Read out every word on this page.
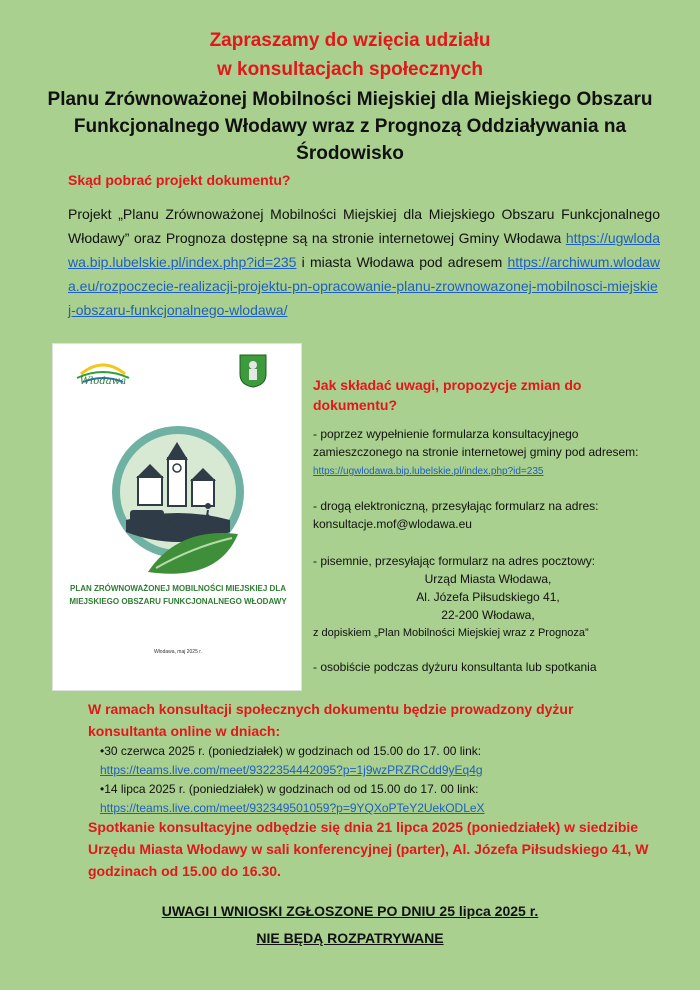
Zapraszamy do wzięcia udziału
w konsultacjach społecznych
Planu Zrównoważonej Mobilności Miejskiej dla Miejskiego Obszaru Funkcjonalnego Włodawy wraz z Prognozą Oddziaływania na Środowisko
Skąd pobrać projekt dokumentu?
Projekt „Planu Zrównoważonej Mobilności Miejskiej dla Miejskiego Obszaru Funkcjonalnego Włodawy” oraz Prognoza dostępne są na stronie internetowej Gminy Włodawa https://ugwlodawa.bip.lubelskie.pl/index.php?id=235 i miasta Włodawa pod adresem https://archiwum.wlodawa.eu/rozpoczecie-realizacji-projektu-pn-opracowanie-planu-zrownowazonej-mobilnosci-miejskiej-obszaru-funkcjonalnego-wlodawa/
Włodawa
PLAN ZRÓWNOWAŻONEJ MOBILNOŚCI MIEJSKIEJ DLA MIEJSKIEGO OBSZARU FUNKCJONALNEGO WŁODAWY
Włodawa, maj 2025 r.
Jak składać uwagi, propozycje zmian do dokumentu?
- poprzez wypełnienie formularza konsultacyjnego zamieszczonego na stronie internetowej gminy pod adresem: https://ugwlodawa.bip.lubelskie.pl/index.php?id=235
- drogą elektroniczną, przesyłając formularz na adres: konsultacje.mof@wlodawa.eu
- pisemnie, przesyłając formularz na adres pocztowy:
Urząd Miasta Włodawa,
Al. Józefa Piłsudskiego 41,
22-200 Włodawa,
z dopiskiem „Plan Mobilności Miejskiej wraz z Prognoza”
- osobiście podczas dyżuru konsultanta lub spotkania
W ramach konsultacji społecznych dokumentu będzie prowadzony dyżur konsultanta online w dniach:
•30 czerwca 2025 r. (poniedziałek) w godzinach od 15.00 do 17. 00 link:
https://teams.live.com/meet/9322354442095?p=1j9wzPRZRCdd9yEq4g
•14 lipca 2025 r. (poniedziałek) w godzinach od od 15.00 do 17. 00 link:
https://teams.live.com/meet/932349501059?p=9YQXoPTeY2UekODLeX
Spotkanie konsultacyjne odbędzie się dnia 21 lipca 2025 (poniedziałek) w siedzibie Urzędu Miasta Włodawy w sali konferencyjnej (parter), Al. Józefa Piłsudskiego 41, W godzinach od 15.00 do 16.30.
UWAGI I WNIOSKI ZGŁOSZONE PO DNIU 25 lipca 2025 r.
NIE BĘDĄ ROZPATRYWANE
